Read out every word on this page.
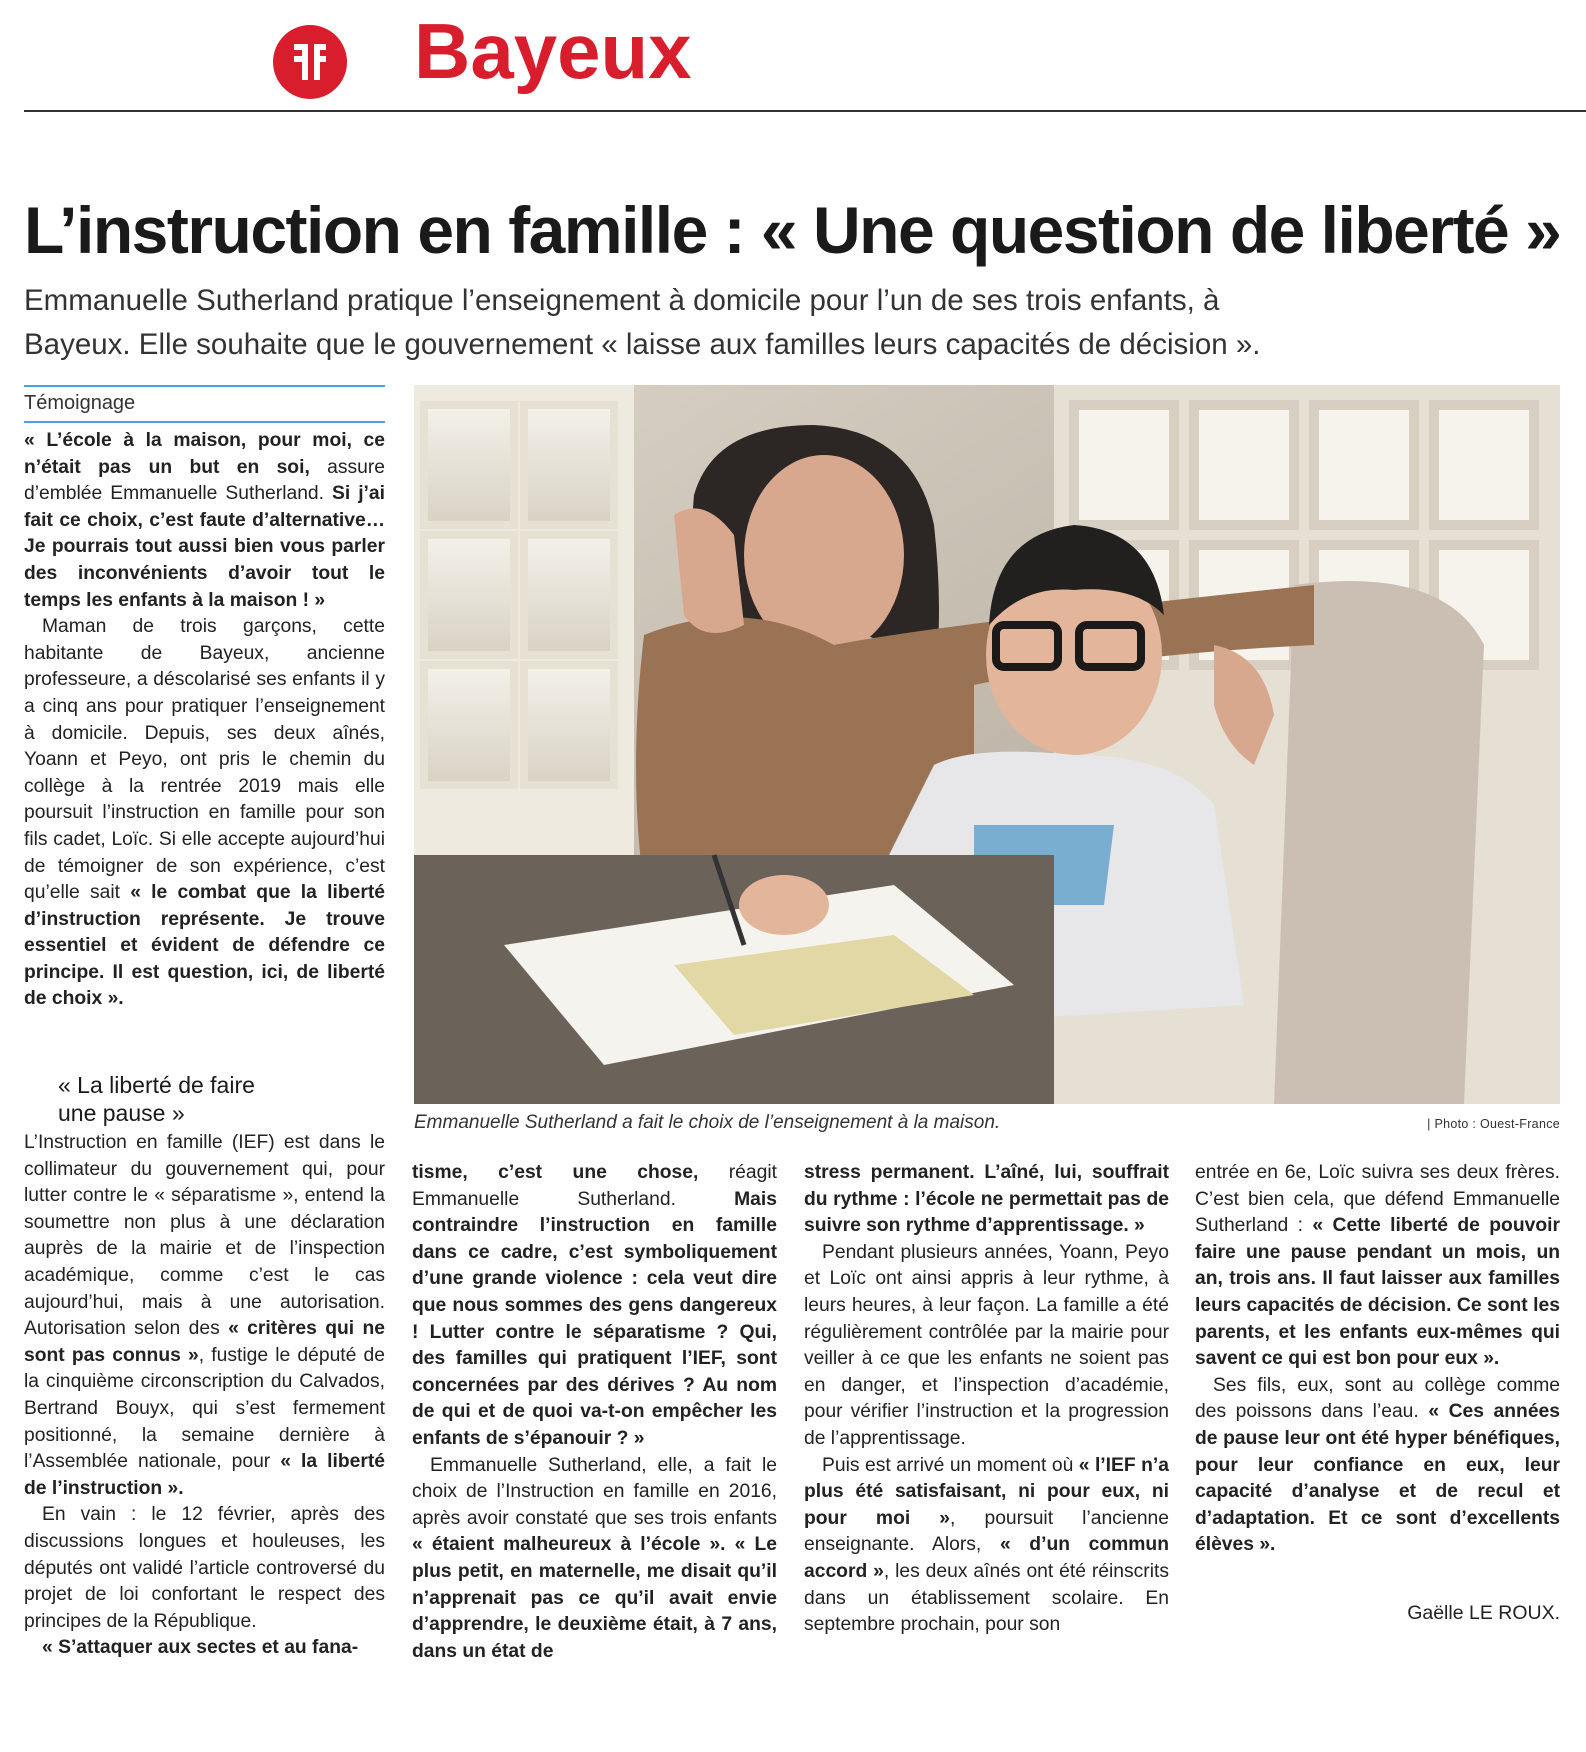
Bayeux
L’instruction en famille : « Une question de liberté »
Emmanuelle Sutherland pratique l’enseignement à domicile pour l’un de ses trois enfants, à
Bayeux. Elle souhaite que le gouvernement « laisse aux familles leurs capacités de décision ».
Témoignage

« L’école à la maison, pour moi, ce n’était pas un but en soi, assure d’emblée Emmanuelle Sutherland. Si j’ai fait ce choix, c’est faute d’alternative… Je pourrais tout aussi bien vous parler des inconvénients d’avoir tout le temps les enfants à la maison ! »

Maman de trois garçons, cette habitante de Bayeux, ancienne professeure, a déscolarisé ses enfants il y a cinq ans pour pratiquer l’enseignement à domicile. Depuis, ses deux aînés, Yoann et Peyo, ont pris le chemin du collège à la rentrée 2019 mais elle poursuit l’instruction en famille pour son fils cadet, Loïc. Si elle accepte aujourd’hui de témoigner de son expérience, c’est qu’elle sait « le combat que la liberté d’instruction représente. Je trouve essentiel et évident de défendre ce principe. Il est question, ici, de liberté de choix ».

« La liberté de faire
une pause »

L’Instruction en famille (IEF) est dans le collimateur du gouvernement qui, pour lutter contre le « séparatisme », entend la soumettre non plus à une déclaration auprès de la mairie et de l’inspection académique, comme c’est le cas aujourd’hui, mais à une autorisation. Autorisation selon des « critères qui ne sont pas connus », fustige le député de la cinquième circonscription du Calvados, Bertrand Bouyx, qui s’est fermement positionné, la semaine dernière à l’Assemblée nationale, pour « la liberté de l’instruction ».

En vain : le 12 février, après des discussions longues et houleuses, les députés ont validé l’article controversé du projet de loi confortant le respect des principes de la République.

« S’attaquer aux sectes et au fana-

Emmanuelle Sutherland a fait le choix de l’enseignement à la maison.	| Photo : Ouest-France

tisme, c’est une chose, réagit Emmanuelle Sutherland. Mais contraindre l’instruction en famille dans ce cadre, c’est symboliquement d’une grande violence : cela veut dire que nous sommes des gens dangereux ! Lutter contre le séparatisme ? Qui, des familles qui pratiquent l’IEF, sont concernées par des dérives ? Au nom de qui et de quoi va-t-on empêcher les enfants de s’épanouir ? »

Emmanuelle Sutherland, elle, a fait le choix de l’Instruction en famille en 2016, après avoir constaté que ses trois enfants « étaient malheureux à l’école ». « Le plus petit, en maternelle, me disait qu’il n’apprenait pas ce qu’il avait envie d’apprendre, le deuxième était, à 7 ans, dans un état de

stress permanent. L’aîné, lui, souffrait du rythme : l’école ne permettait pas de suivre son rythme d’apprentissage. »

Pendant plusieurs années, Yoann, Peyo et Loïc ont ainsi appris à leur rythme, à leurs heures, à leur façon. La famille a été régulièrement contrôlée par la mairie pour veiller à ce que les enfants ne soient pas en danger, et l’inspection d’académie, pour vérifier l’instruction et la progression de l’apprentissage.

Puis est arrivé un moment où « l’IEF n’a plus été satisfaisant, ni pour eux, ni pour moi », poursuit l’ancienne enseignante. Alors, « d’un commun accord », les deux aînés ont été réinscrits dans un établissement scolaire. En septembre prochain, pour son

entrée en 6e, Loïc suivra ses deux frères. C’est bien cela, que défend Emmanuelle Sutherland : « Cette liberté de pouvoir faire une pause pendant un mois, un an, trois ans. Il faut laisser aux familles leurs capacités de décision. Ce sont les parents, et les enfants eux-mêmes qui savent ce qui est bon pour eux ».

Ses fils, eux, sont au collège comme des poissons dans l’eau. « Ces années de pause leur ont été hyper bénéfiques, pour leur confiance en eux, leur capacité d’analyse et de recul et d’adaptation. Et ce sont d’excellents élèves ».

Gaëlle LE ROUX.
